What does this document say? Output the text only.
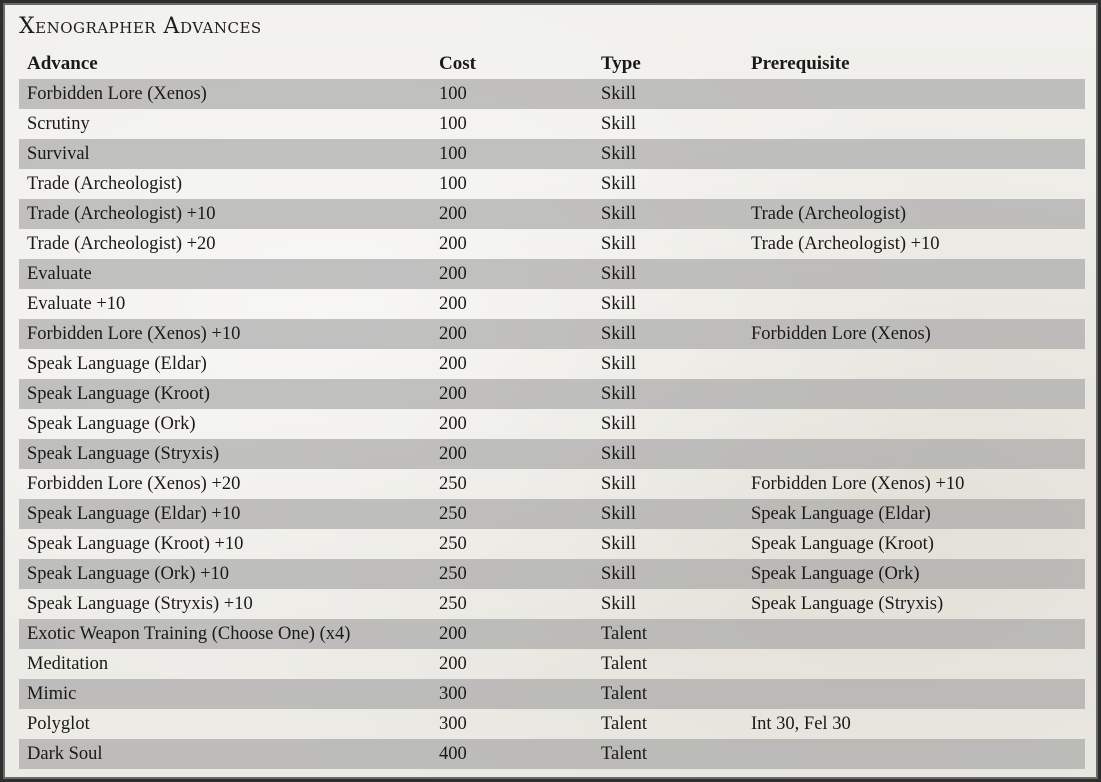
Xenographer Advances
Advance	Cost	Type	Prerequisite
Forbidden Lore (Xenos)	100	Skill
Scrutiny	100	Skill
Survival	100	Skill
Trade (Archeologist)	100	Skill
Trade (Archeologist) +10	200	Skill	Trade (Archeologist)
Trade (Archeologist) +20	200	Skill	Trade (Archeologist) +10
Evaluate	200	Skill
Evaluate +10	200	Skill
Forbidden Lore (Xenos) +10	200	Skill	Forbidden Lore (Xenos)
Speak Language (Eldar)	200	Skill
Speak Language (Kroot)	200	Skill
Speak Language (Ork)	200	Skill
Speak Language (Stryxis)	200	Skill
Forbidden Lore (Xenos) +20	250	Skill	Forbidden Lore (Xenos) +10
Speak Language (Eldar) +10	250	Skill	Speak Language (Eldar)
Speak Language (Kroot) +10	250	Skill	Speak Language (Kroot)
Speak Language (Ork) +10	250	Skill	Speak Language (Ork)
Speak Language (Stryxis) +10	250	Skill	Speak Language (Stryxis)
Exotic Weapon Training (Choose One) (x4)	200	Talent
Meditation	200	Talent
Mimic	300	Talent
Polyglot	300	Talent	Int 30, Fel 30
Dark Soul	400	Talent
